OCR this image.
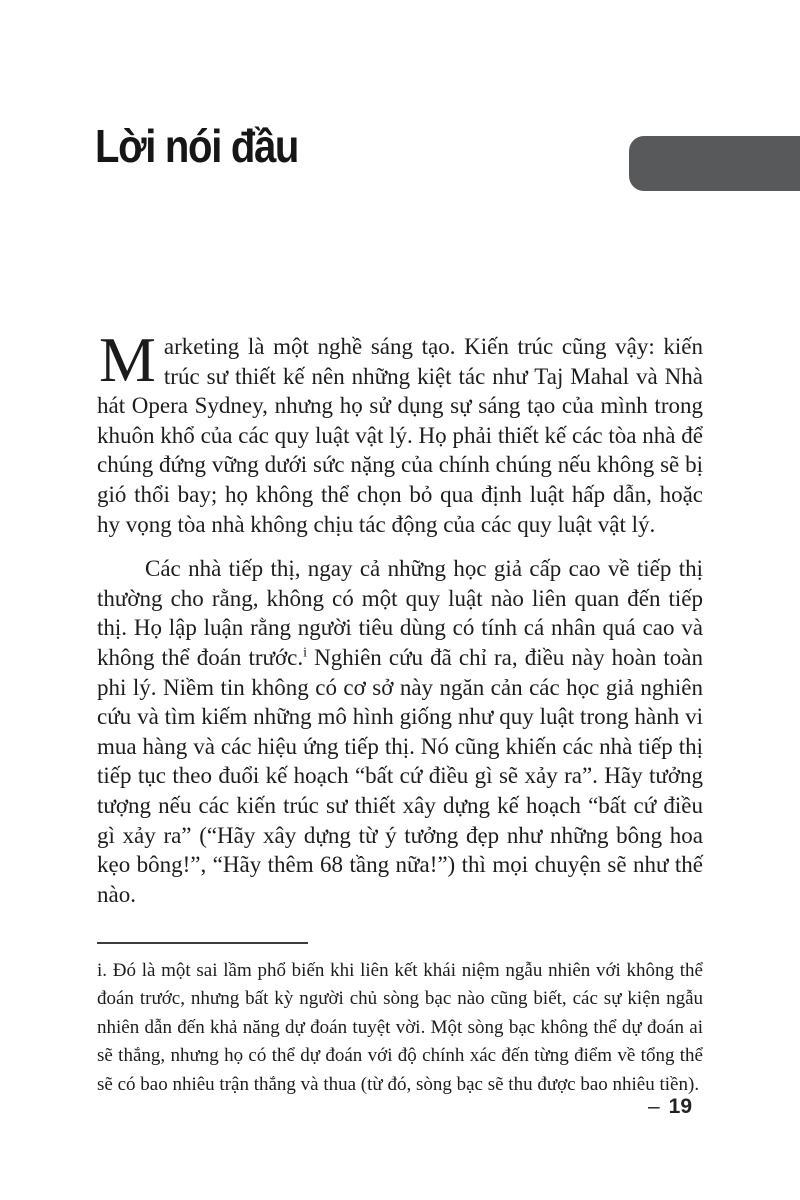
Lời nói đầu

Marketing là một nghề sáng tạo. Kiến trúc cũng vậy: kiến trúc sư thiết kế nên những kiệt tác như Taj Mahal và Nhà hát Opera Sydney, nhưng họ sử dụng sự sáng tạo của mình trong khuôn khổ của các quy luật vật lý. Họ phải thiết kế các tòa nhà để chúng đứng vững dưới sức nặng của chính chúng nếu không sẽ bị gió thổi bay; họ không thể chọn bỏ qua định luật hấp dẫn, hoặc hy vọng tòa nhà không chịu tác động của các quy luật vật lý.

Các nhà tiếp thị, ngay cả những học giả cấp cao về tiếp thị thường cho rằng, không có một quy luật nào liên quan đến tiếp thị. Họ lập luận rằng người tiêu dùng có tính cá nhân quá cao và không thể đoán trước.$^i$ Nghiên cứu đã chỉ ra, điều này hoàn toàn phi lý. Niềm tin không có cơ sở này ngăn cản các học giả nghiên cứu và tìm kiếm những mô hình giống như quy luật trong hành vi mua hàng và các hiệu ứng tiếp thị. Nó cũng khiến các nhà tiếp thị tiếp tục theo đuổi kế hoạch “bất cứ điều gì sẽ xảy ra”. Hãy tưởng tượng nếu các kiến trúc sư thiết xây dựng kế hoạch “bất cứ điều gì xảy ra” (“Hãy xây dựng từ ý tưởng đẹp như những bông hoa kẹo bông!”, “Hãy thêm 68 tầng nữa!”) thì mọi chuyện sẽ như thế nào.

i. Đó là một sai lầm phổ biến khi liên kết khái niệm ngẫu nhiên với không thể đoán trước, nhưng bất kỳ người chủ sòng bạc nào cũng biết, các sự kiện ngẫu nhiên dẫn đến khả năng dự đoán tuyệt vời. Một sòng bạc không thể dự đoán ai sẽ thắng, nhưng họ có thể dự đoán với độ chính xác đến từng điểm về tổng thể sẽ có bao nhiêu trận thắng và thua (từ đó, sòng bạc sẽ thu được bao nhiêu tiền).

– 19
